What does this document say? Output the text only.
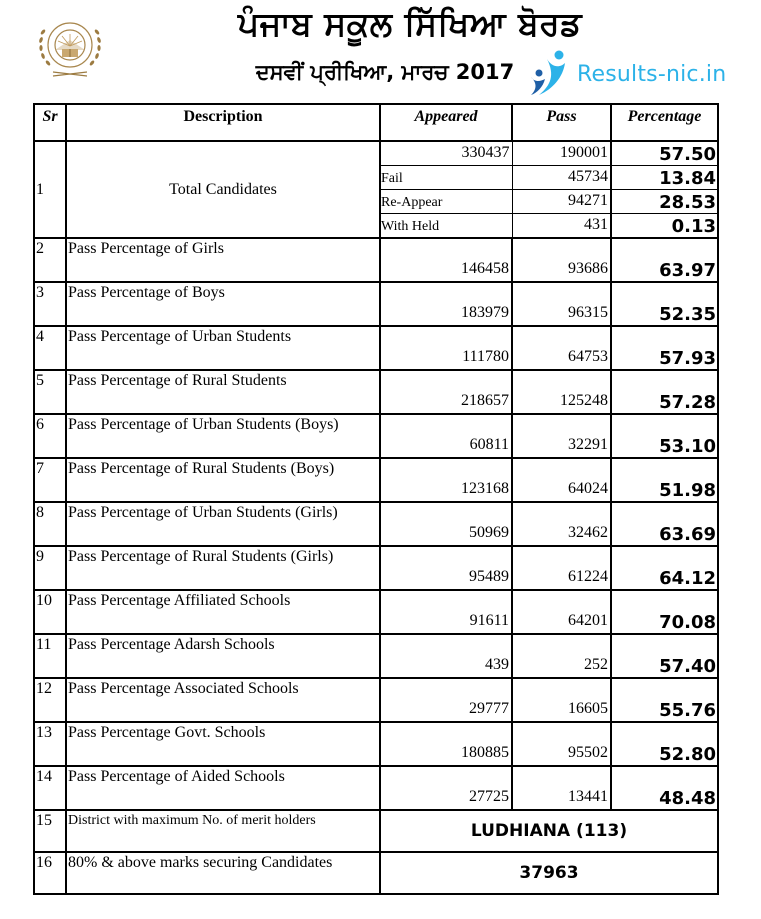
ਪੰਜਾਬ ਸਕੂਲ ਸਿੱਖਿਆ ਬੋਰਡ
ਦਸਵੀਂ ਪ੍ਰੀਖਿਆ, ਮਾਰਚ 2017	Results-nic.in
Sr	Description	Appeared	Pass	Percentage
1	Total Candidates	330437	190001	57.50
		Fail	45734	13.84
		Re-Appear	94271	28.53
		With Held	431	0.13
2	Pass Percentage of Girls	146458	93686	63.97
3	Pass Percentage of Boys	183979	96315	52.35
4	Pass Percentage of Urban Students	111780	64753	57.93
5	Pass Percentage of Rural Students	218657	125248	57.28
6	Pass Percentage of Urban Students (Boys)	60811	32291	53.10
7	Pass Percentage of Rural Students (Boys)	123168	64024	51.98
8	Pass Percentage of Urban Students (Girls)	50969	32462	63.69
9	Pass Percentage of Rural Students (Girls)	95489	61224	64.12
10	Pass Percentage Affiliated Schools	91611	64201	70.08
11	Pass Percentage Adarsh Schools	439	252	57.40
12	Pass Percentage Associated Schools	29777	16605	55.76
13	Pass Percentage Govt. Schools	180885	95502	52.80
14	Pass Percentage of Aided Schools	27725	13441	48.48
15	District with maximum No. of merit holders	LUDHIANA (113)		
16	80% & above marks securing Candidates	37963		
